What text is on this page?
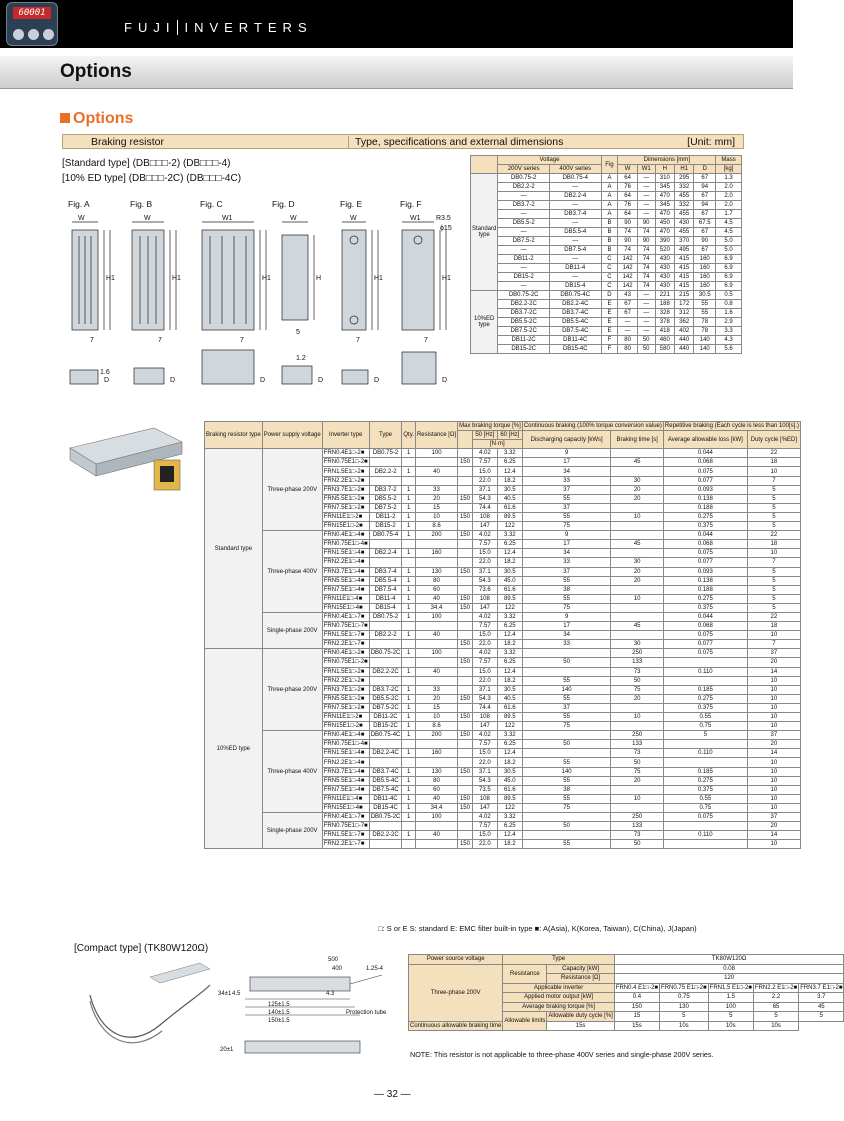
60001
FUJI INVERTERS
Options
Options
Braking resistor	Type, specifications and external dimensions	[Unit: mm]
[Standard type] (DB□□□-2) (DB□□□-4)
[10% ED type] (DB□□□-2C) (DB□□□-4C)
Fig. A	Fig. B	Fig. C	Fig. D	Fig. E	Fig. F
W	W	W1	W	W	W1 R3.5
ϕ15
H1	H1	H1	H	H1	H1
7	7	7
5
7	7
D	D	D	D	D	D
1.6
1.2
	Voltage		Fig	Dimensions [mm]					Mass
	200V series	400V series		W	W1	H	H1	D	[kg]
Standard type	DB0.75-2	DB0.75-4	A	64	—	310	295	67	1.3
	DB2.2-2	—	A	76	—	345	332	94	2.0
	—	DB2.2-4	A	64	—	470	455	67	2.0
	DB3.7-2	—	A	76	—	345	332	94	2.0
	—	DB3.7-4	A	64	—	470	455	67	1.7
	DB5.5-2	—	B	90	90	450	430	67.5	4.5
	—	DB5.5-4	B	74	74	470	455	67	4.5
	DB7.5-2	—	B	90	90	390	370	90	5.0
	—	DB7.5-4	B	74	74	520	495	67	5.0
	DB11-2	—	C	142	74	430	415	160	6.9
	—	DB11-4	C	142	74	430	415	160	6.9
	DB15-2	—	C	142	74	430	415	160	6.9
	—	DB15-4	C	142	74	430	415	160	6.9
10%ED type	DB0.75-2C	DB0.75-4C	D	43	—	221	215	30.5	0.5
	DB2.2-2C	DB2.2-4C	E	67	—	188	172	55	0.8
	DB3.7-2C	DB3.7-4C	E	67	—	328	312	55	1.6
	DB5.5-2C	DB5.5-4C	E	—	—	378	362	78	2.9
	DB7.5-2C	DB7.5-4C	E	—	—	418	402	78	3.3
	DB11-2C	DB11-4C	F	80	50	460	440	140	4.3
	DB15-2C	DB15-4C	F	80	50	580	440	140	5.6
Braking resistor type	Power supply voltage	Inverter type	Type	Qty.	Resistance [Ω]	Max braking torque [%]			Continuous braking (100% torque conversion value)		Repetitive braking (Each cycle is less than 100[s].)	
							50 [Hz]	60 [Hz]	Discharging capacity [kWs]	Braking time [s]	Average allowable loss [kW]	Duty cycle [%ED]
							[N·m]					
Standard type	Three-phase 200V	FRN0.4E1□-2■	DB0.75-2	1	100		4.02	3.32	9		0.044	22
		FRN0.75E1□-2■				150	7.57	6.25	17	45	0.068	18
		FRN1.5E1□-2■	DB2.2-2	1	40		15.0	12.4	34		0.075	10
		FRN2.2E1□-2■					22.0	18.2	33	30	0.077	7
		FRN3.7E1□-2■	DB3.7-2	1	33		37.1	30.5	37	20	0.093	5
		FRN5.5E1□-2■	DB5.5-2	1	20	150	54.3	40.5	55	20	0.138	5
		FRN7.5E1□-2■	DB7.5-2	1	15		74.4	61.6	37		0.188	5
		FRN11E1□-2■	DB11-2	1	10	150	108	89.5	55	10	0.275	5
		FRN15E1□-2■	DB15-2	1	8.6		147	122	75		0.375	5
	Three-phase 400V	FRN0.4E1□-4■	DB0.75-4	1	200	150	4.02	3.32	9		0.044	22
		FRN0.75E1□-4■					7.57	6.25	17	45	0.068	18
		FRN1.5E1□-4■	DB2.2-4	1	160		15.0	12.4	34		0.075	10
		FRN2.2E1□-4■					22.0	18.2	33	30	0.077	7
		FRN3.7E1□-4■	DB3.7-4	1	130	150	37.1	30.5	37	20	0.093	5
		FRN5.5E1□-4■	DB5.5-4	1	80		54.3	45.0	55	20	0.138	5
		FRN7.5E1□-4■	DB7.5-4	1	60		73.6	61.6	38		0.188	5
		FRN11E1□-4■	DB11-4	1	40	150	108	89.5	55	10	0.275	5
		FRN15E1□-4■	DB15-4	1	34.4	150	147	122	75		0.375	5
	Single-phase 200V	FRN0.4E1□-7■	DB0.75-2	1	100		4.02	3.32	9		0.044	22
		FRN0.75E1□-7■					7.57	6.25	17	45	0.068	18
		FRN1.5E1□-7■	DB2.2-2	1	40		15.0	12.4	34		0.075	10
		FRN2.2E1□-7■				150	22.0	18.2	33	30	0.077	7
10%ED type	Three-phase 200V	FRN0.4E1□-2■	DB0.75-2C	1	100		4.02	3.32		250	0.075	37
		FRN0.75E1□-2■				150	7.57	6.25	50	133		20
		FRN1.5E1□-2■	DB2.2-2C	1	40		15.0	12.4		73	0.110	14
		FRN2.2E1□-2■					22.0	18.2	55	50		10
		FRN3.7E1□-2■	DB3.7-2C	1	33		37.1	30.5	140	75	0.185	10
		FRN5.5E1□-2■	DB5.5-2C	1	20	150	54.3	40.5	55	20	0.275	10
		FRN7.5E1□-2■	DB7.5-2C	1	15		74.4	61.6	37		0.375	10
		FRN11E1□-2■	DB11-2C	1	10	150	108	89.5	55	10	0.55	10
		FRN15E1□-2■	DB15-2C	1	8.6		147	122	75		0.75	10
	Three-phase 400V	FRN0.4E1□-4■	DB0.75-4C	1	200	150	4.02	3.32		250	5	37
		FRN0.75E1□-4■					7.57	6.25	50	133		20
		FRN1.5E1□-4■	DB2.2-4C	1	160		15.0	12.4		73	0.110	14
		FRN2.2E1□-4■					22.0	18.2	55	50		10
		FRN3.7E1□-4■	DB3.7-4C	1	130	150	37.1	30.5	140	75	0.185	10
		FRN5.5E1□-4■	DB5.5-4C	1	80		54.3	45.0	55	20	0.275	10
		FRN7.5E1□-4■	DB7.5-4C	1	60		73.5	61.6	38		0.375	10
		FRN11E1□-4■	DB11-4C	1	40	150	108	89.5	55	10	0.55	10
		FRN15E1□-4■	DB15-4C	1	34.4	150	147	122	75		0.75	10
	Single-phase 200V	FRN0.4E1□-7■	DB0.75-2C	1	100		4.02	3.32		250	0.075	37
		FRN0.75E1□-7■					7.57	6.25	50	133		20
		FRN1.5E1□-7■	DB2.2-2C	1	40		15.0	12.4		73	0.110	14
		FRN2.2E1□-7■				150	22.0	18.2	55	50		10
□: S or E S: standard E: EMC filter built-in type ■: A(Asia), K(Korea, Taiwan), C(China), J(Japan)
[Compact type] (TK80W120Ω)
500
400	1.25-4
34±1 4.5	4.3
125±1.5
140±1.5
150±1.5
Protection tube
20±1
Power source voltage	Type		TK80W120Ω				
Three-phase 200V	Resistance	Capacity [kW]	0.08				
		Resistance [Ω]	120				
	Applicable inverter		FRN0.4 E1□-2■	FRN0.75 E1□-2■	FRN1.5 E1□-2■	FRN2.2 E1□-2■	FRN3.7 E1□-2■
	Applied motor output [kW]		0.4	0.75	1.5	2.2	3.7
	Average braking torque [%]		150	130	100	65	45
	Allowable limits	Allowable duty cycle [%]	15	5	5	5	5
Continuous allowable braking time		15s	15s	10s	10s	10s	
NOTE: This resistor is not applicable to three-phase 400V series and single-phase 200V series.
— 32 —
